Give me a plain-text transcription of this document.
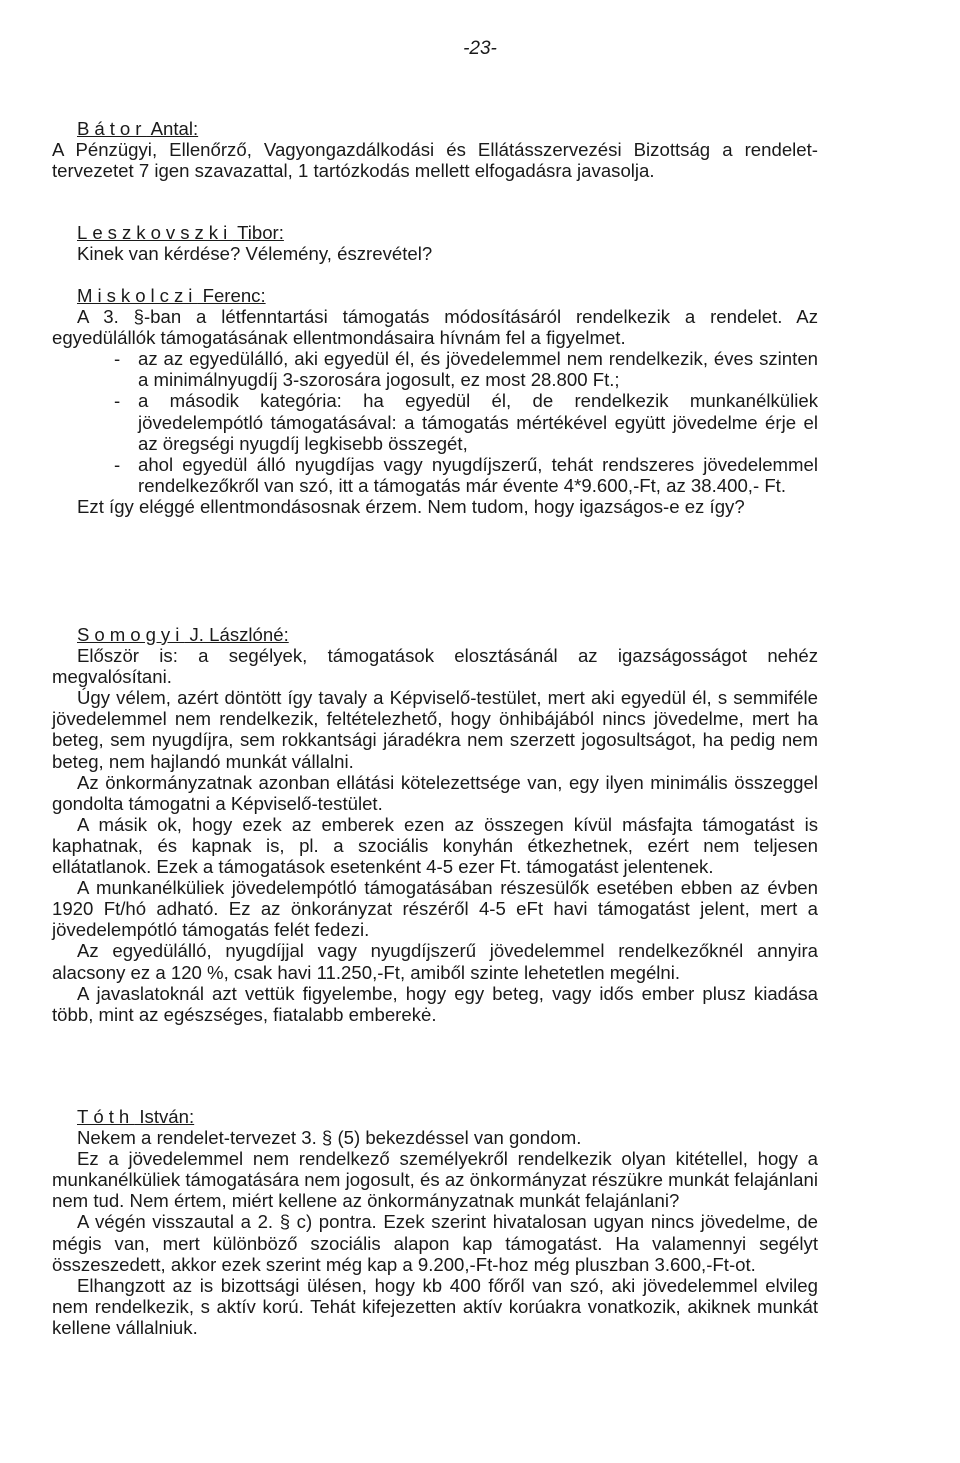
-23-
Bátor Antal:

A Pénzügyi, Ellenőrző, Vagyongazdálkodási és Ellátásszervezési Bizottság a rendelet-tervezetet 7 igen szavazattal, 1 tartózkodás mellett elfogadásra javasolja.

Leszkovszki Tibor:

Kinek van kérdése? Vélemény, észrevétel?

Miskolczi Ferenc:

A 3. §-ban a létfenntartási támogatás módosításáról rendelkezik a rendelet. Az egyedülállók támogatásának ellentmondásaira hívnám fel a figyelmet.

- az az egyedülálló, aki egyedül él, és jövedelemmel nem rendelkezik, éves szinten a minimálnyugdíj 3-szorosára jogosult, ez most 28.800 Ft.;
- a második kategória: ha egyedül él, de rendelkezik munkanélküliek jövedelempótló támogatásával: a támogatás mértékével együtt jövedelme érje el az öregségi nyugdíj legkisebb összegét,
- ahol egyedül álló nyugdíjas vagy nyugdíjszerű, tehát rendszeres jövedelemmel rendelkezőkről van szó, itt a támogatás már évente 4*9.600,-Ft, az 38.400,- Ft.

Ezt így eléggé ellentmondásosnak érzem. Nem tudom, hogy igazságos-e ez így?

Somogyi J. Lászlóné:

Először is: a segélyek, támogatások elosztásánál az igazságosságot nehéz megvalósítani.

Úgy vélem, azért döntött így tavaly a Képviselő-testület, mert aki egyedül él, s semmiféle jövedelemmel nem rendelkezik, feltételezhető, hogy önhibájából nincs jövedelme, mert ha beteg, sem nyugdíjra, sem rokkantsági járadékra nem szerzett jogosultságot, ha pedig nem beteg, nem hajlandó munkát vállalni.

Az önkormányzatnak azonban ellátási kötelezettsége van, egy ilyen minimális összeggel gondolta támogatni a Képviselő-testület.

A másik ok, hogy ezek az emberek ezen az összegen kívül másfajta támogatást is kaphatnak, és kapnak is, pl. a szociális konyhán étkezhetnek, ezért nem teljesen ellátatlanok. Ezek a támogatások esetenként 4-5 ezer Ft. támogatást jelentenek.

A munkanélküliek jövedelempótló támogatásában részesülők esetében ebben az évben 1920 Ft/hó adható. Ez az önkorányzat részéről 4-5 eFt havi támogatást jelent, mert a jövedelempótló támogatás felét fedezi.

Az egyedülálló, nyugdíjjal vagy nyugdíjszerű jövedelemmel rendelkezőknél annyira alacsony ez a 120 %, csak havi 11.250,-Ft, amiből szinte lehetetlen megélni.

A javaslatoknál azt vettük figyelembe, hogy egy beteg, vagy idős ember plusz kiadása több, mint az egészséges, fiatalabb emberekė.

Tóth István:

Nekem a rendelet-tervezet 3. § (5) bekezdéssel van gondom.

Ez a jövedelemmel nem rendelkező személyekről rendelkezik olyan kitétellel, hogy a munkanélküliek támogatására nem jogosult, és az önkormányzat részükre munkát felajánlani nem tud. Nem értem, miért kellene az önkormányzatnak munkát felajánlani?

A végén visszautal a 2. § c) pontra. Ezek szerint hivatalosan ugyan nincs jövedelme, de mégis van, mert különböző szociális alapon kap támogatást. Ha valamennyi segélyt összeszedett, akkor ezek szerint még kap a 9.200,-Ft-hoz még pluszban 3.600,-Ft-ot.

Elhangzott az is bizottsági ülésen, hogy kb 400 főről van szó, aki jövedelemmel elvileg nem rendelkezik, s aktív korú. Tehát kifejezetten aktív korúakra vonatkozik, akiknek munkát kellene vállalniuk.
